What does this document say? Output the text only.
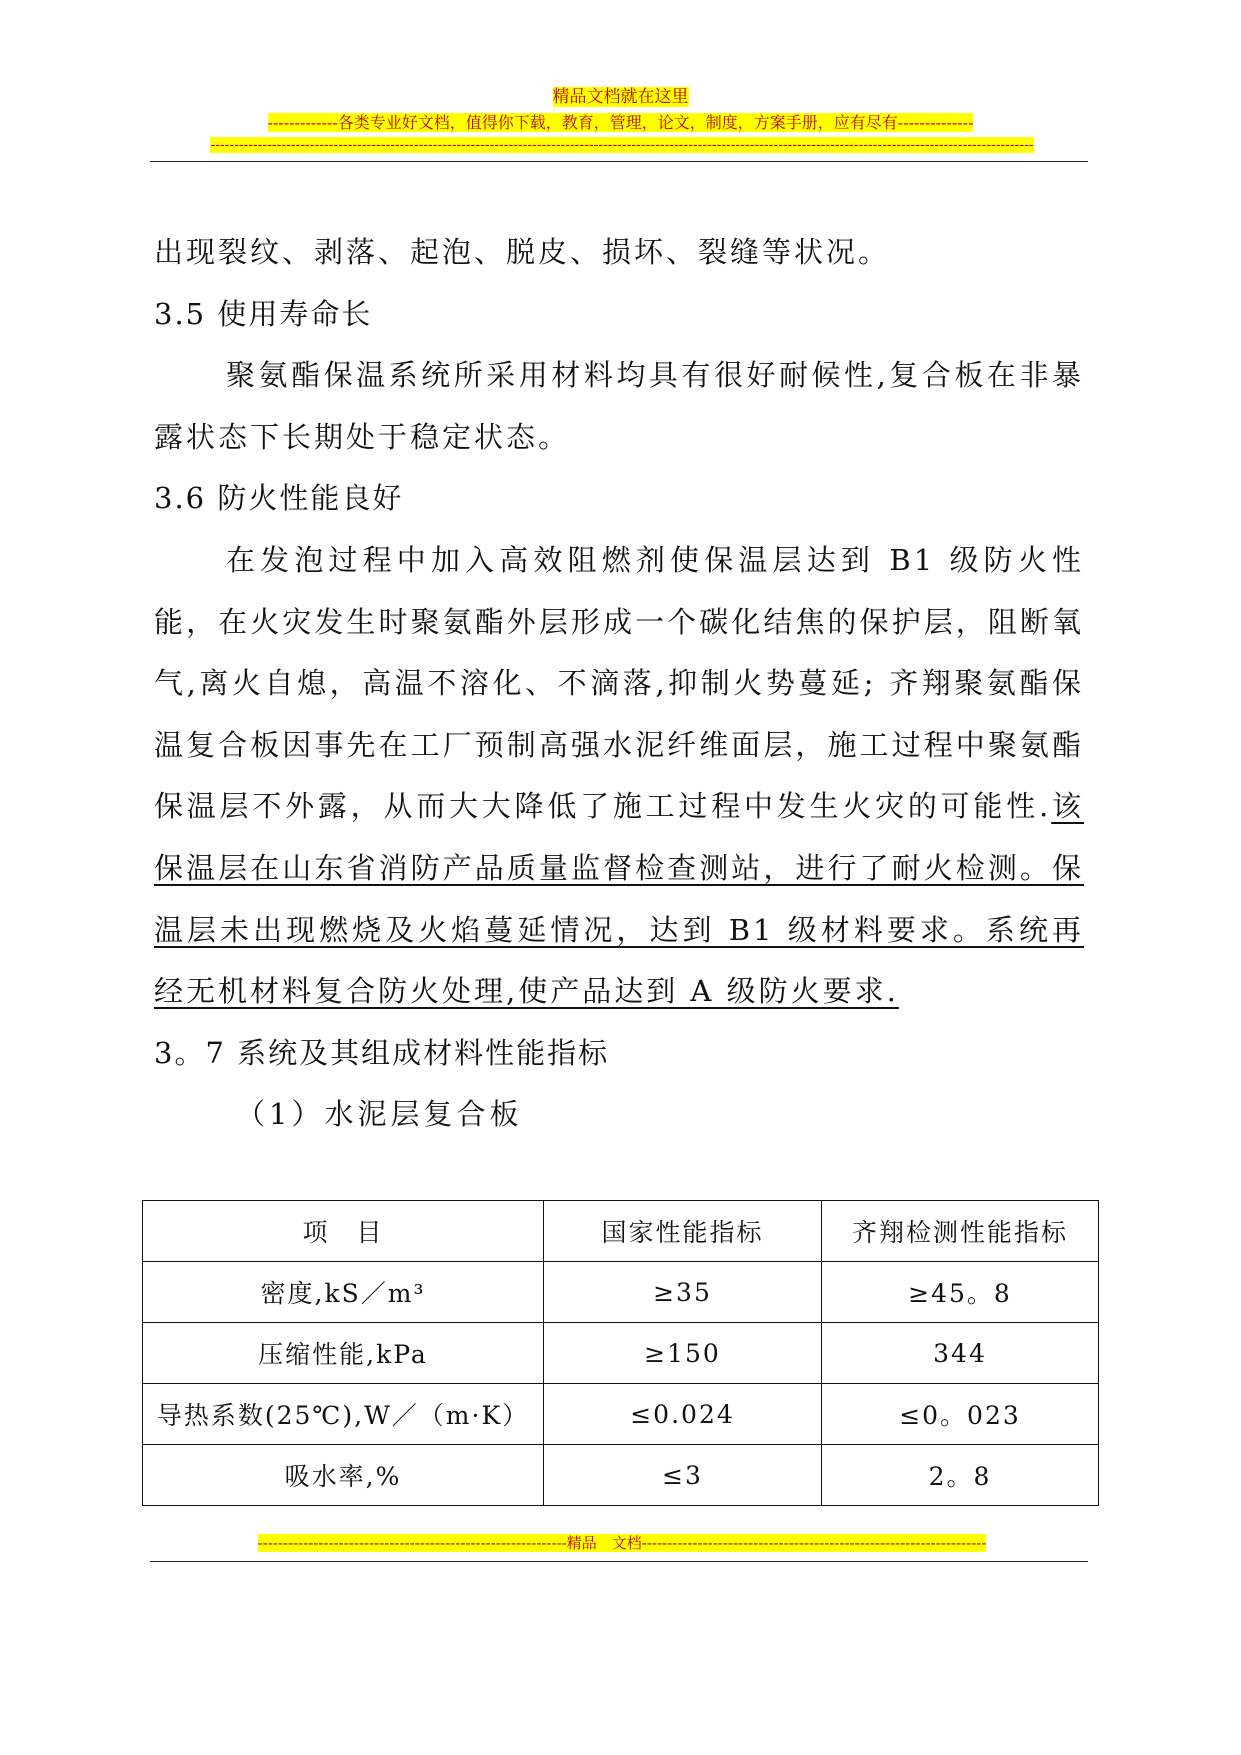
精品文档就在这里
-------------各类专业好文档，值得你下载，教育，管理，论文，制度，方案手册，应有尽有--------------
------------------------------------------------------------------------------------------------------------------------------------------------------------------------------

出现裂纹、剥落、起泡、脱皮、损坏、裂缝等状况。

3.5 使用寿命长

聚氨酯保温系统所采用材料均具有很好耐候性,复合板在非暴露状态下长期处于稳定状态。

3.6 防火性能良好

在发泡过程中加入高效阻燃剂使保温层达到 B1 级防火性能，在火灾发生时聚氨酯外层形成一个碳化结焦的保护层，阻断氧气,离火自熄，高温不溶化、不滴落,抑制火势蔓延; 齐翔聚氨酯保温复合板因事先在工厂预制高强水泥纤维面层，施工过程中聚氨酯保温层不外露，从而大大降低了施工过程中发生火灾的可能性.该保温层在山东省消防产品质量监督检查测站，进行了耐火检测。保温层未出现燃烧及火焰蔓延情况，达到 B1 级材料要求。系统再经无机材料复合防火处理,使产品达到 A 级防火要求.

3。7 系统及其组成材料性能指标

（1）水泥层复合板

项　目	国家性能指标	齐翔检测性能指标
密度,kS／m³	≥35	≥45。8
压缩性能,kPa	≥150	344
导热系数(25℃),W／（m·K）	≤0.024	≤0。023
吸水率,%	≤3	2。8
-------------------------------------------------------------精品　文档--------------------------------------------------------------------
